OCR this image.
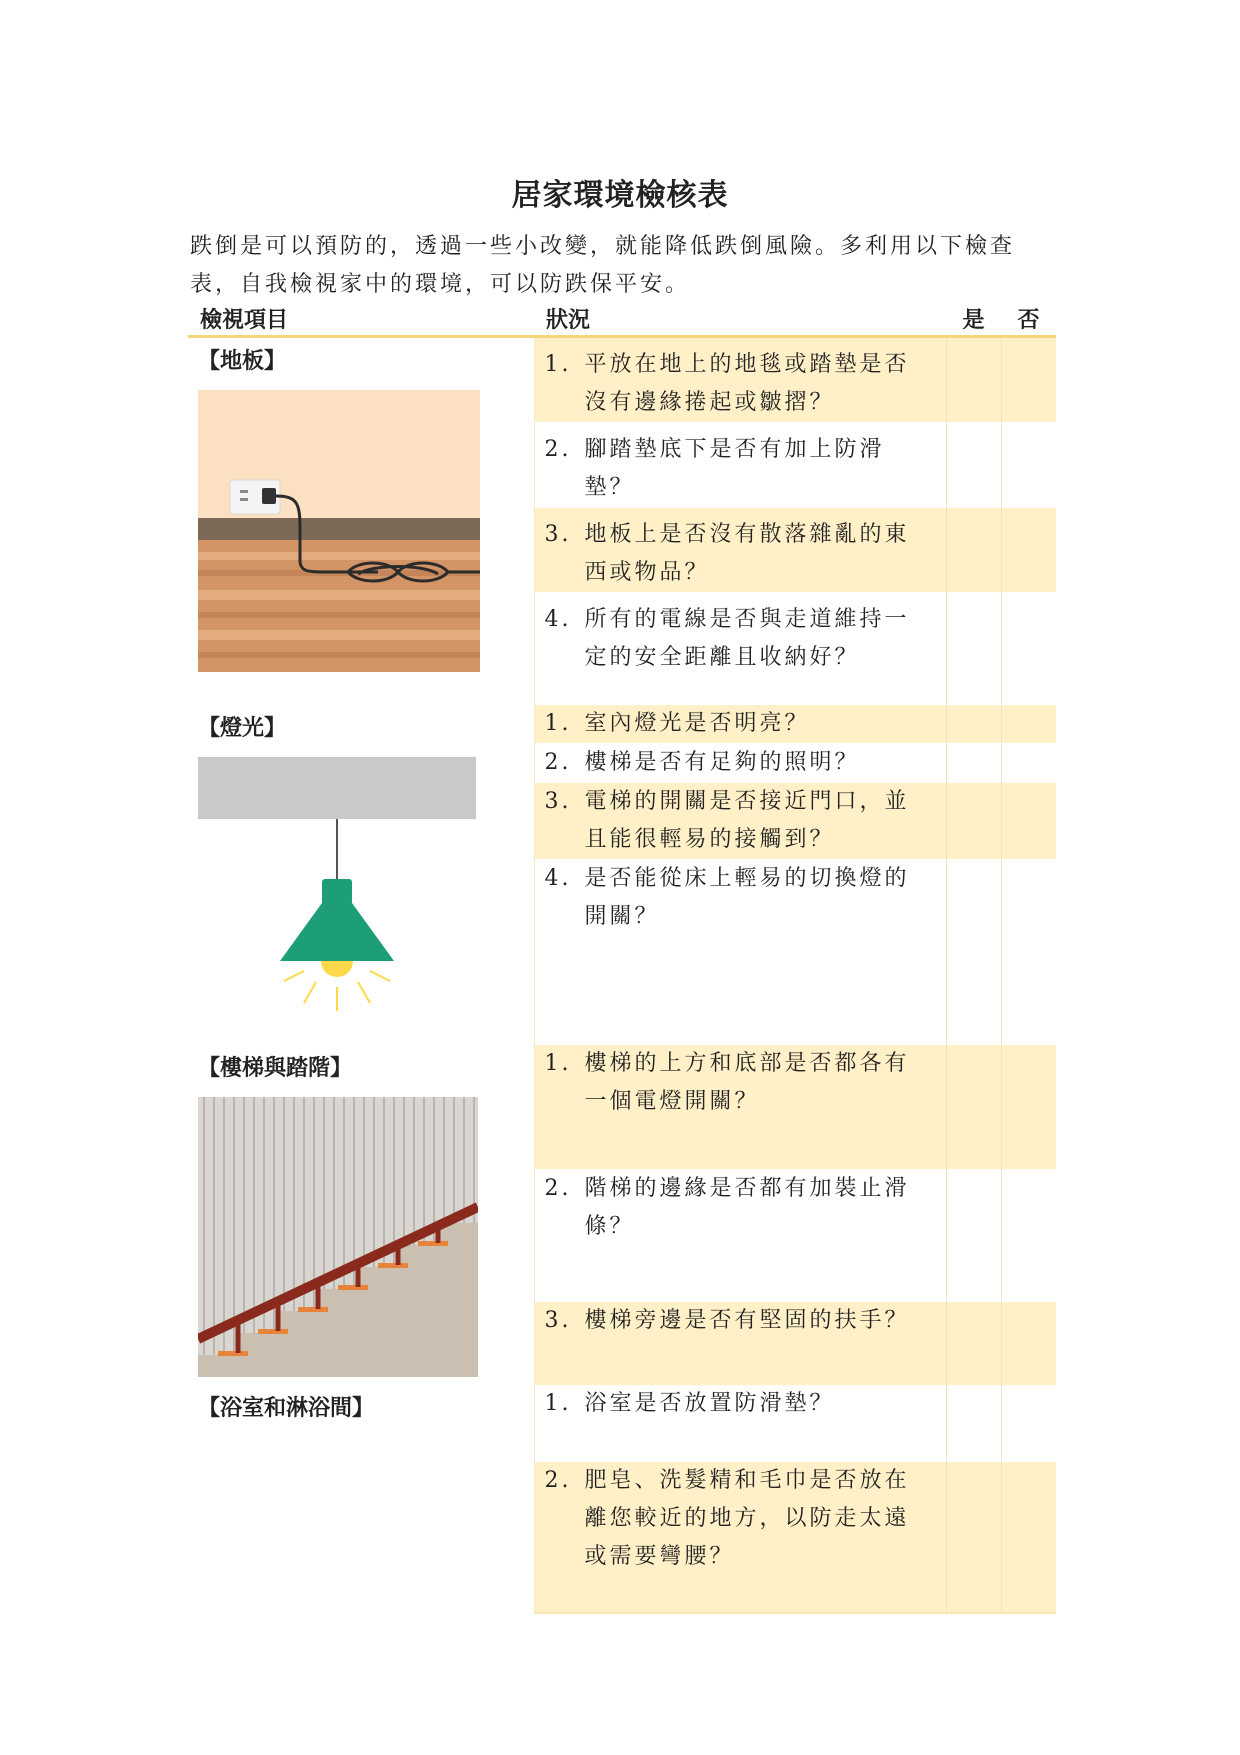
居家環境檢核表
跌倒是可以預防的，透過一些小改變，就能降低跌倒風險。多利用以下檢查
表，自我檢視家中的環境，可以防跌保平安。
檢視項目	狀況	是	否

【地板】	1. 平放在地上的地毯或踏墊是否沒有邊緣捲起或皺摺？		

	2. 腳踏墊底下是否有加上防滑墊？		

	3. 地板上是否沒有散落雜亂的東西或物品？		

	4. 所有的電線是否與走道維持一定的安全距離且收納好？		

【燈光】	1. 室內燈光是否明亮？		

	2. 樓梯是否有足夠的照明？		

	3. 電梯的開關是否接近門口，並且能很輕易的接觸到？		

	4. 是否能從床上輕易的切換燈的開關？		

【樓梯與踏階】	1. 樓梯的上方和底部是否都各有一個電燈開關？		

	2. 階梯的邊緣是否都有加裝止滑條？		

	3. 樓梯旁邊是否有堅固的扶手？		

【浴室和淋浴間】	1. 浴室是否放置防滑墊？		

	2. 肥皂、洗髮精和毛巾是否放在離您較近的地方，以防走太遠或需要彎腰？		
